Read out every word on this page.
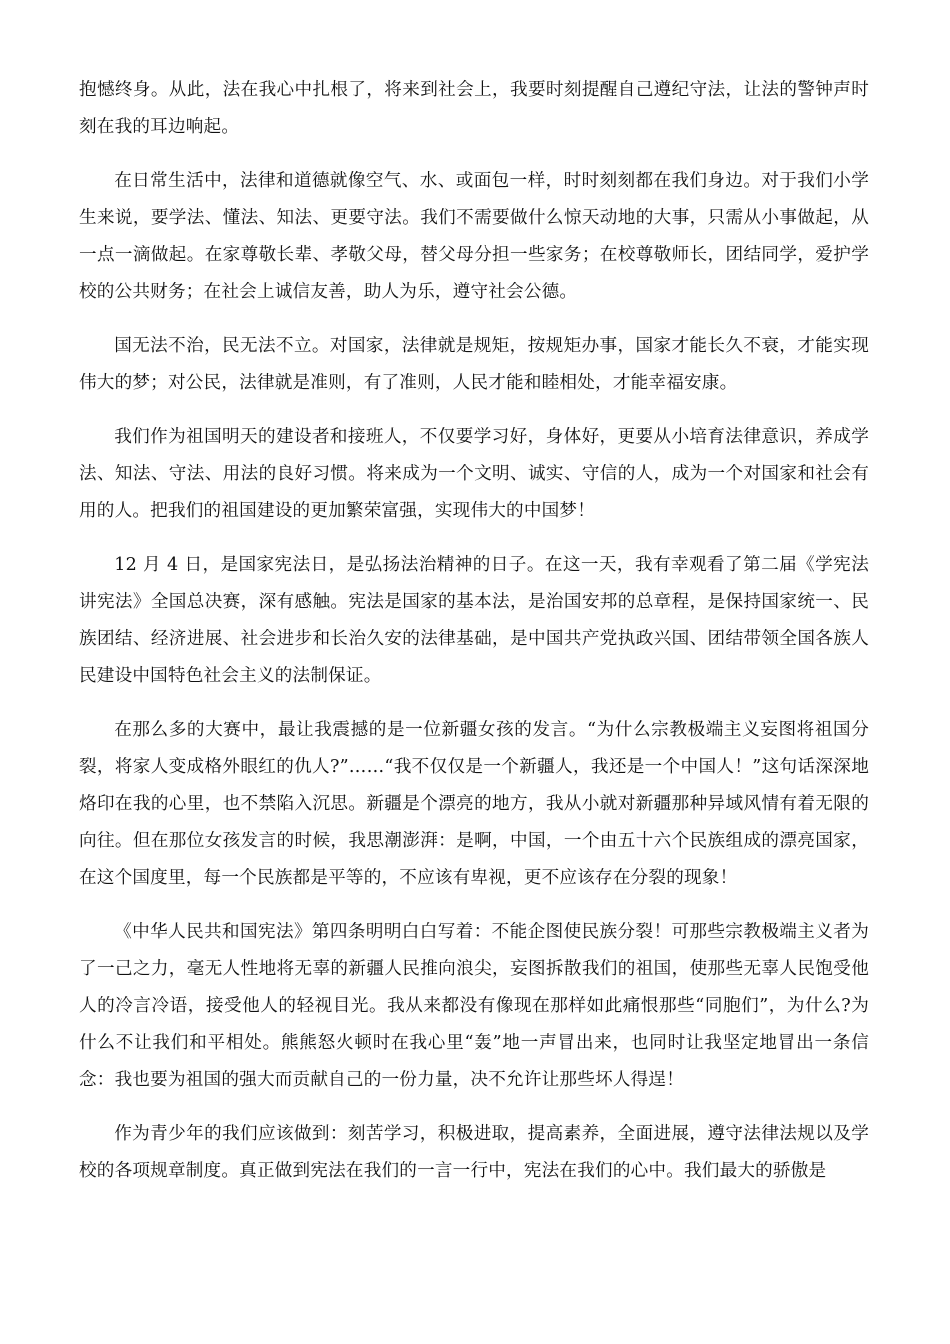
抱憾终身。从此，法在我心中扎根了，将来到社会上，我要时刻提醒自己遵纪守法，让法的警钟声时刻在我的耳边响起。

在日常生活中，法律和道德就像空气、水、或面包一样，时时刻刻都在我们身边。对于我们小学生来说，要学法、懂法、知法、更要守法。我们不需要做什么惊天动地的大事，只需从小事做起，从一点一滴做起。在家尊敬长辈、孝敬父母，替父母分担一些家务；在校尊敬师长，团结同学，爱护学校的公共财务；在社会上诚信友善，助人为乐，遵守社会公德。

国无法不治，民无法不立。对国家，法律就是规矩，按规矩办事，国家才能长久不衰，才能实现伟大的梦；对公民，法律就是准则，有了准则，人民才能和睦相处，才能幸福安康。

我们作为祖国明天的建设者和接班人，不仅要学习好，身体好，更要从小培育法律意识，养成学法、知法、守法、用法的良好习惯。将来成为一个文明、诚实、守信的人，成为一个对国家和社会有用的人。把我们的祖国建设的更加繁荣富强，实现伟大的中国梦！

12 月 4 日，是国家宪法日，是弘扬法治精神的日子。在这一天，我有幸观看了第二届《学宪法讲宪法》全国总决赛，深有感触。宪法是国家的基本法，是治国安邦的总章程，是保持国家统一、民族团结、经济进展、社会进步和长治久安的法律基础，是中国共产党执政兴国、团结带领全国各族人民建设中国特色社会主义的法制保证。

在那么多的大赛中，最让我震撼的是一位新疆女孩的发言。“为什么宗教极端主义妄图将祖国分裂，将家人变成格外眼红的仇人?”……“我不仅仅是一个新疆人，我还是一个中国人！”这句话深深地烙印在我的心里，也不禁陷入沉思。新疆是个漂亮的地方，我从小就对新疆那种异域风情有着无限的向往。但在那位女孩发言的时候，我思潮澎湃：是啊，中国，一个由五十六个民族组成的漂亮国家，在这个国度里，每一个民族都是平等的，不应该有卑视，更不应该存在分裂的现象！

《中华人民共和国宪法》第四条明明白白写着：不能企图使民族分裂！可那些宗教极端主义者为了一己之力，毫无人性地将无辜的新疆人民推向浪尖，妄图拆散我们的祖国，使那些无辜人民饱受他人的冷言冷语，接受他人的轻视目光。我从来都没有像现在那样如此痛恨那些“同胞们”，为什么?为什么不让我们和平相处。熊熊怒火顿时在我心里“轰”地一声冒出来，也同时让我坚定地冒出一条信念：我也要为祖国的强大而贡献自己的一份力量，决不允许让那些坏人得逞！

作为青少年的我们应该做到：刻苦学习，积极进取，提高素养，全面进展，遵守法律法规以及学校的各项规章制度。真正做到宪法在我们的一言一行中，宪法在我们的心中。我们最大的骄傲是
